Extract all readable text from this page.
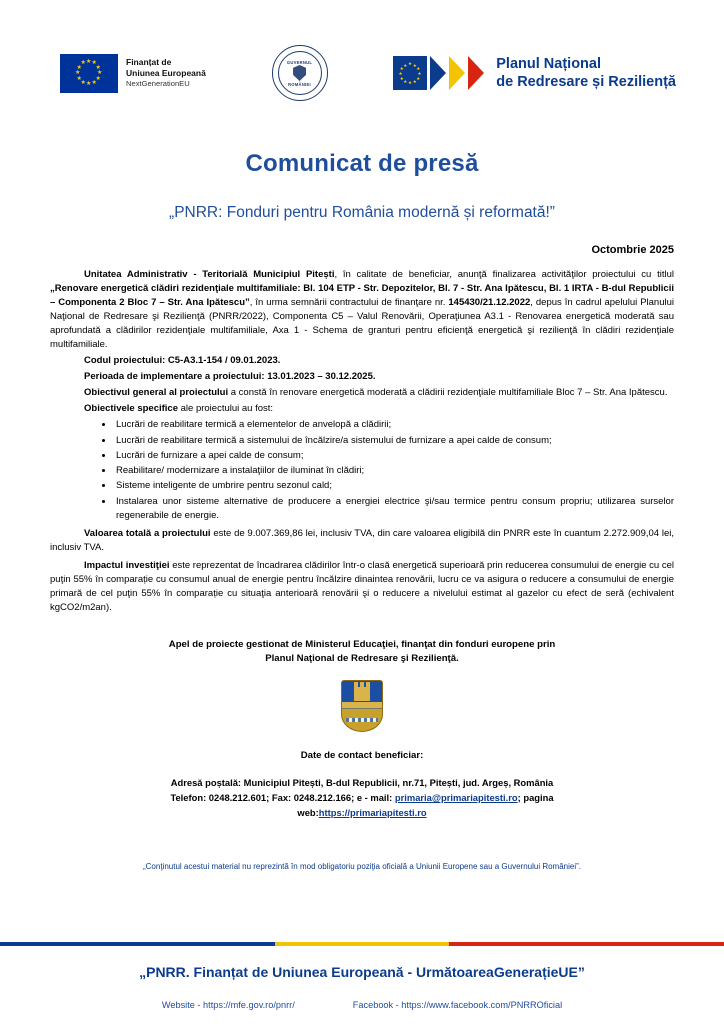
★ ★
★
★
★
★
★
★
★
★
★
★	Finanțat de
Uniunea Europeană
NextGenerationEU
GUVERNUL
ROMÂNIEI
★ ★
★
★
★
★
★
★
★
★
★
★	Planul Național
de Redresare și Reziliență
Comunicat de presă
„PNRR: Fonduri pentru România modernă și reformată!”
Octombrie 2025

Unitatea Administrativ - Teritorială Municipiul Pitești, în calitate de beneficiar, anunţă finalizarea activităţilor proiectului cu titlul „Renovare energetică clădiri rezidenţiale multifamiliale: Bl. 104 ETP - Str. Depozitelor, Bl. 7 - Str. Ana Ipătescu, Bl. 1 IRTA - B-dul Republicii – Componenta 2 Bloc 7 – Str. Ana Ipătescu”, în urma semnării contractului de finanţare nr. 145430/21.12.2022, depus în cadrul apelului Planului Naţional de Redresare şi Rezilienţă (PNRR/2022), Componenta C5 – Valul Renovării, Operaţiunea A3.1 - Renovarea energetică moderată sau aprofundată a clădirilor rezidenţiale multifamiliale, Axa 1 - Schema de granturi pentru eficienţă energetică şi rezilienţă în clădiri rezidenţiale multifamiliale.

Codul proiectului: C5-A3.1-154 / 09.01.2023.

Perioada de implementare a proiectului: 13.01.2023 – 30.12.2025.

Obiectivul general al proiectului a constă în renovare energetică moderată a clădirii rezidenţiale multifamiliale Bloc 7 – Str. Ana Ipătescu.

Obiectivele specifice ale proiectului au fost:

• Lucrări de reabilitare termică a elementelor de anvelopă a clădirii;
• Lucrări de reabilitare termică a sistemului de încălzire/a sistemului de furnizare a apei calde de consum;
• Lucrări de furnizare a apei calde de consum;
• Reabilitare/ modernizare a instalaţiilor de iluminat în clădiri;
• Sisteme inteligente de umbrire pentru sezonul cald;
• Instalarea unor sisteme alternative de producere a energiei electrice şi/sau termice pentru consum propriu; utilizarea surselor regenerabile de energie.

Valoarea totală a proiectului este de 9.007.369,86 lei, inclusiv TVA, din care valoarea eligibilă din PNRR este în cuantum 2.272.909,04 lei, inclusiv TVA.

Impactul investiţiei este reprezentat de încadrarea clădirilor într-o clasă energetică superioară prin reducerea consumului de energie cu cel puţin 55% în comparație cu consumul anual de energie pentru încălzire dinaintea renovării, lucru ce va asigura o reducere a consumului de energie primară de cel puţin 55% în comparație cu situaţia anterioară renovării şi o reducere a nivelului estimat al gazelor cu efect de seră (echivalent kgCO2/m2an).

Apel de proiecte gestionat de Ministerul Educaţiei, finanţat din fonduri europene prin
Planul Naţional de Redresare şi Rezilienţă.
Date de contact beneficiar:
Adresă poștală: Municipiul Pitești, B-dul Republicii, nr.71, Pitești, jud. Argeș, România
Telefon: 0248.212.601; Fax: 0248.212.166; e - mail: primaria@primariapitesti.ro; pagina
web:https://primariapitesti.ro
„Conţinutul acestui material nu reprezintă în mod obligatoriu poziţia oficială a Uniunii Europene sau a Guvernului României”.
„PNRR. Finanțat de Uniunea Europeană - UrmătoareaGenerațieUE”
Website - https://mfe.gov.ro/pnrr/	Facebook - https://www.facebook.com/PNRROficial
